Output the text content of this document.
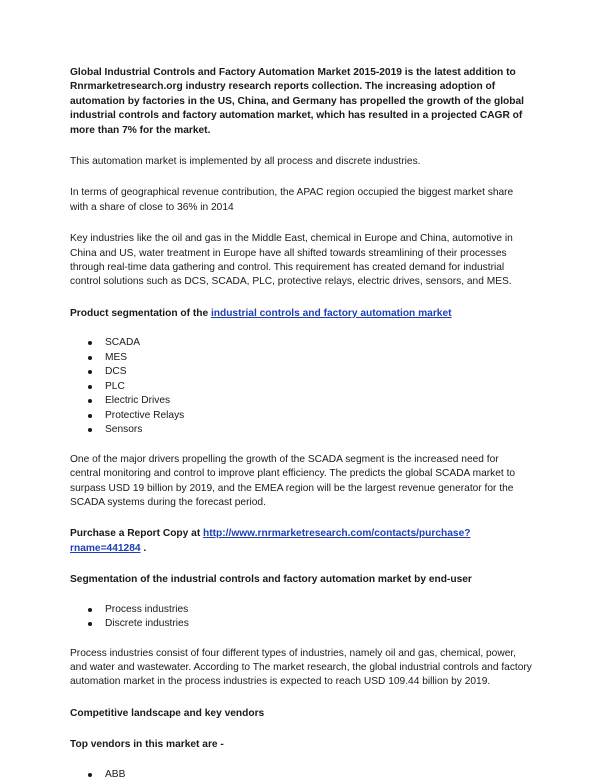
Global Industrial Controls and Factory Automation Market 2015-2019 is the latest addition to Rnrmarketresearch.org industry research reports collection. The increasing adoption of automation by factories in the US, China, and Germany has propelled the growth of the global industrial controls and factory automation market, which has resulted in a projected CAGR of more than 7% for the market.

This automation market is implemented by all process and discrete industries.

In terms of geographical revenue contribution, the APAC region occupied the biggest market share with a share of close to 36% in 2014

Key industries like the oil and gas in the Middle East, chemical in Europe and China, automotive in China and US, water treatment in Europe have all shifted towards streamlining of their processes through real-time data gathering and control. This requirement has created demand for industrial control solutions such as DCS, SCADA, PLC, protective relays, electric drives, sensors, and MES.

Product segmentation of the industrial controls and factory automation market

SCADA
MES
DCS
PLC
Electric Drives
Protective Relays
Sensors

One of the major drivers propelling the growth of the SCADA segment is the increased need for central monitoring and control to improve plant efficiency. The predicts the global SCADA market to surpass USD 19 billion by 2019, and the EMEA region will be the largest revenue generator for the SCADA systems during the forecast period.

Purchase a Report Copy at http://www.rnrmarketresearch.com/contacts/purchase?rname=441284 .

Segmentation of the industrial controls and factory automation market by end-user

Process industries
Discrete industries

Process industries consist of four different types of industries, namely oil and gas, chemical, power, and water and wastewater. According to The market research, the global industrial controls and factory automation market in the process industries is expected to reach USD 109.44 billion by 2019.

Competitive landscape and key vendors

Top vendors in this market are -

ABB
